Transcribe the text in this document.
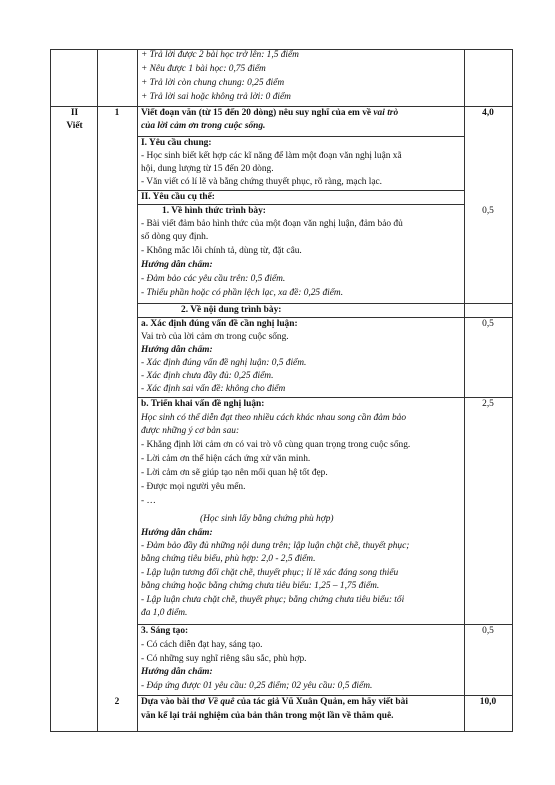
+ Trả lời được 2 bài học trở lên: 1,5 điểm
+ Nêu được 1 bài học: 0,75 điểm
+ Trả lời còn chung chung: 0,25 điểm
+ Trả lời sai hoặc không trả lời: 0 điểm
II
Viết
1	Viết đoạn văn (từ 15 đến 20 dòng) nêu suy nghĩ của em về vai trò
của lời cảm ơn trong cuộc sống.
4,0
I. Yêu cầu chung:
- Học sinh biết kết hợp các kĩ năng để làm một đoạn văn nghị luận xã
hội, dung lượng từ 15 đến 20 dòng.
- Văn viết có lí lẽ và bằng chứng thuyết phục, rõ ràng, mạch lạc.
II. Yêu cầu cụ thể:
1. Về hình thức trình bày:
- Bài viết đảm bảo hình thức của một đoạn văn nghị luận, đảm bảo đủ
số dòng quy định.
- Không mắc lỗi chính tả, dùng từ, đặt câu.
Hướng dẫn chấm:
- Đảm bảo các yêu cầu trên: 0,5 điểm.
- Thiếu phần hoặc có phần lệch lạc, xa đề: 0,25 điểm.
0,5
2. Về nội dung trình bày:
a. Xác định đúng vấn đề cần nghị luận:
Vai trò của lời cảm ơn trong cuộc sống.
Hướng dẫn chấm:
- Xác định đúng vấn đề nghị luận: 0,5 điểm.
- Xác định chưa đầy đủ: 0,25 điểm.
- Xác định sai vấn đề: không cho điểm
0,5
b. Triển khai vấn đề nghị luận:
Học sinh có thể diễn đạt theo nhiều cách khác nhau song cần đảm bảo
được những ý cơ bản sau:
- Khẳng định lời cảm ơn có vai trò vô cùng quan trọng trong cuộc sống.
- Lời cảm ơn thể hiện cách ứng xử văn minh.
- Lời cảm ơn sẽ giúp tạo nên mối quan hệ tốt đẹp.
- Được mọi người yêu mến.
- …
(Học sinh lấy bằng chứng phù hợp)
Hướng dẫn chấm:
- Đảm bảo đầy đủ những nội dung trên; lập luận chặt chẽ, thuyết phục;
bằng chứng tiêu biểu, phù hợp: 2,0 - 2,5 điểm.
- Lập luận tương đối chặt chẽ, thuyết phục; lí lẽ xác đáng song thiếu
bằng chứng hoặc bằng chứng chưa tiêu biểu: 1,25 – 1,75 điểm.
- Lập luận chưa chặt chẽ, thuyết phục; bằng chứng chưa tiêu biểu: tối
đa 1,0 điểm.
2,5
3. Sáng tạo:
- Có cách diễn đạt hay, sáng tạo.
- Có những suy nghĩ riêng sâu sắc, phù hợp.
Hướng dẫn chấm:
- Đáp ứng được 01 yêu cầu: 0,25 điểm; 02 yêu cầu: 0,5 điểm.
0,5
2	Dựa vào bài thơ Về quê của tác giả Vũ Xuân Quản, em hãy viết bài
văn kể lại trải nghiệm của bản thân trong một lần về thăm quê.
10,0
